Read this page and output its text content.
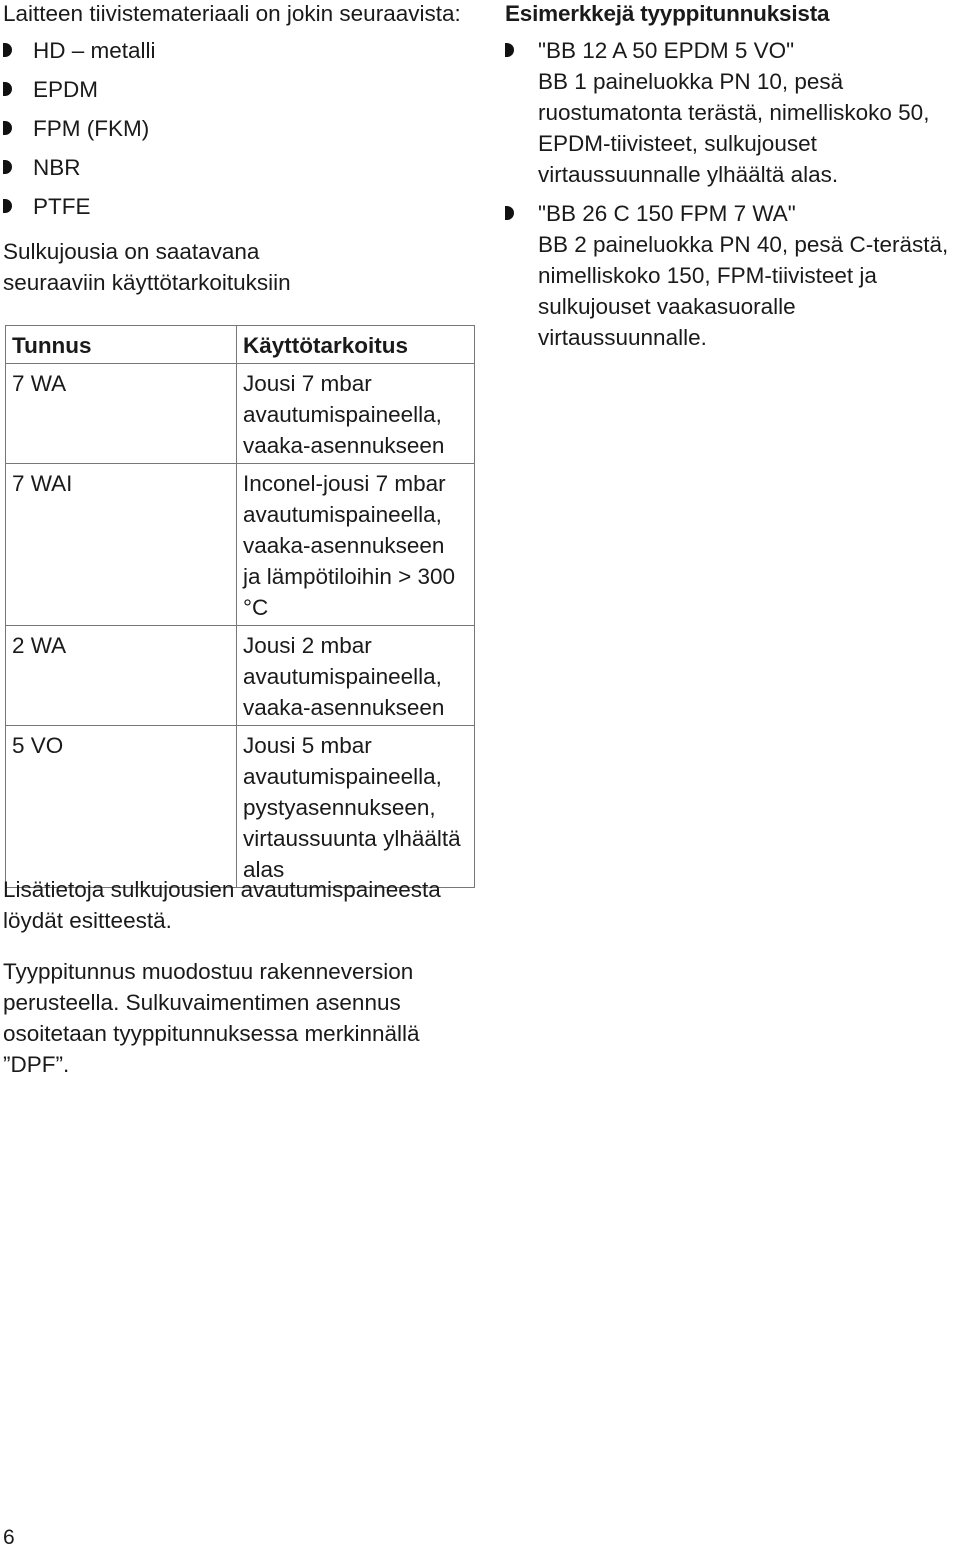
Laitteen tiivistemateriaali on jokin seuraavista:

HD – metalli
EPDM
FPM (FKM)
NBR
PTFE

Sulkujousia on saatavana seuraaviin käyttötarkoituksiin

Esimerkkejä tyyppitunnuksista

"BB 12 A 50 EPDM 5 VO"

BB 1 paineluokka PN 10, pesä ruostumatonta terästä, nimelliskoko 50, EPDM-tiivisteet, sulkujouset virtaussuunnalle ylhäältä alas.

"BB 26 C 150 FPM 7 WA"

BB 2 paineluokka PN 40, pesä C-terästä, nimelliskoko 150, FPM-tiivisteet ja sulkujouset vaakasuoralle virtaussuunnalle.

Tunnus	Käyttötarkoitus
7 WA	Jousi 7 mbar avautumispaineella, vaaka-asennukseen
7 WAI	Inconel-jousi 7 mbar avautumispaineella, vaaka-asennukseen ja lämpötiloihin > 300 °C
2 WA	Jousi 2 mbar avautumispaineella, vaaka-asennukseen
5 VO	Jousi 5 mbar avautumispaineella, pystyasennukseen, virtaussuunta ylhäältä alas

Lisätietoja sulkujousien avautumispaineesta löydät esitteestä.

Tyyppitunnus muodostuu rakenneversion perusteella. Sulkuvaimentimen asennus osoitetaan tyyppitunnuksessa merkinnällä ”DPF”.

6
